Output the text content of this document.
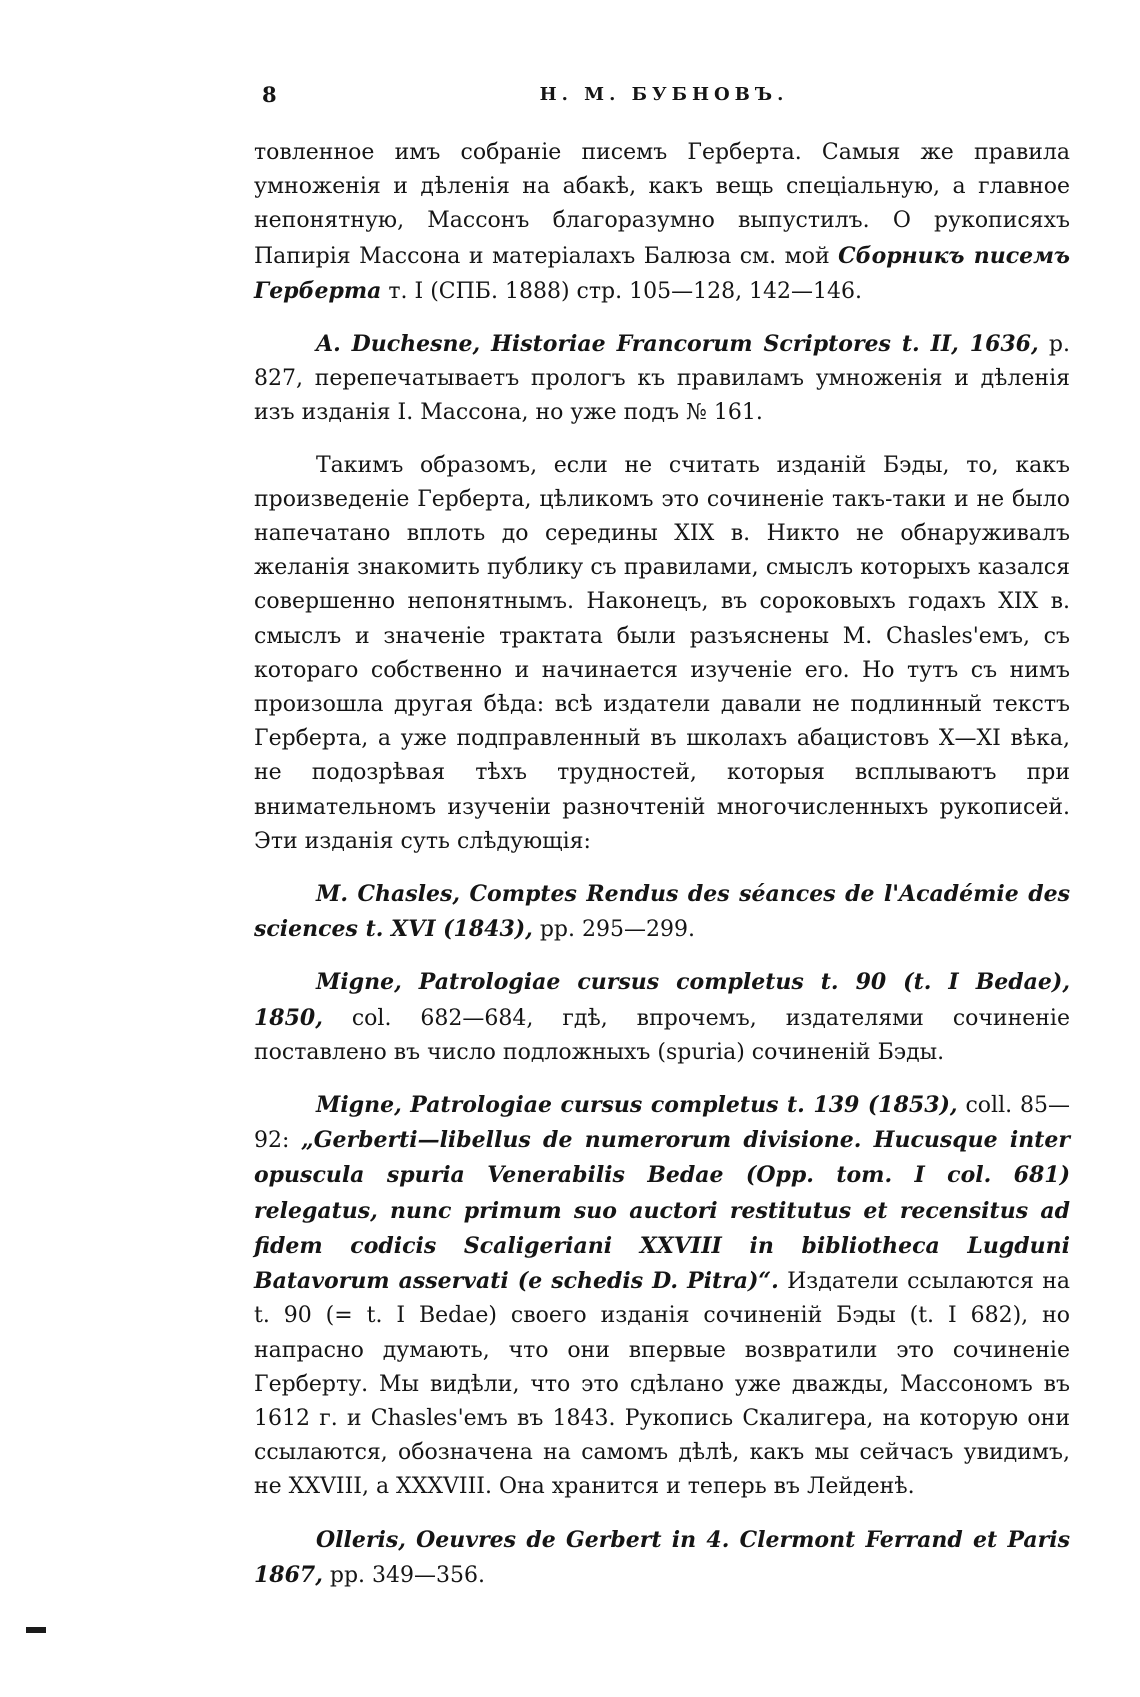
8	Н. М. БУБНОВЪ.

товленное имъ собраніе писемъ Герберта. Самыя же правила умноженія и дѣленія на абакѣ, какъ вещь спеціальную, а главное непонятную, Массонъ благоразумно выпустилъ. О рукописяхъ Папирія Массона и матеріалахъ Балюза см. мой Сборникъ писемъ Герберта т. I (СПБ. 1888) стр. 105—128, 142—146.

A. Duchesne, Historiae Francorum Scriptores t. II, 1636, р. 827, перепечатываетъ прологъ къ правиламъ умноженія и дѣленія изъ изданія I. Массона, но уже подъ № 161.

Такимъ образомъ, если не считать изданій Бэды, то, какъ произведеніе Герберта, цѣликомъ это сочиненіе такъ-таки и не было напечатано вплоть до середины XIX в. Никто не обнаруживалъ желанія знакомить публику съ правилами, смыслъ которыхъ казался совершенно непонятнымъ. Наконецъ, въ сороковыхъ годахъ XIX в. смыслъ и значеніе трактата были разъяснены M. Chasles'емъ, съ котораго собственно и начинается изученіе его. Но тутъ съ нимъ произошла другая бѣда: всѣ издатели давали не подлинный текстъ Герберта, а уже подправленный въ школахъ абацистовъ X—XI вѣка, не подозрѣвая тѣхъ трудностей, которыя всплываютъ при внимательномъ изученіи разночтеній многочисленныхъ рукописей. Эти изданія суть слѣдующія:

M. Chasles, Comptes Rendus des séances de l'Académie des sciences t. XVI (1843), pp. 295—299.

Migne, Patrologiae cursus completus t. 90 (t. I Bedae), 1850, col. 682—684, гдѣ, впрочемъ, издателями сочиненіе поставлено въ число подложныхъ (spuria) сочиненій Бэды.

Migne, Patrologiae cursus completus t. 139 (1853), coll. 85—92: „Gerberti—libellus de numerorum divisione. Hucusque inter opuscula spuria Venerabilis Bedae (Opp. tom. I col. 681) relegatus, nunc primum suo auctori restitutus et recensitus ad fidem codicis Scaligeriani XXVIII in bibliotheca Lugduni Batavorum asservati (e schedis D. Pitra)“. Издатели ссылаются на t. 90 (= t. I Bedae) своего изданія сочиненій Бэды (t. I 682), но напрасно думають, что они впервые возвратили это сочиненіе Герберту. Мы видѣли, что это сдѣлано уже дважды, Массономъ въ 1612 г. и Chasles'емъ въ 1843. Рукопись Скалигера, на которую они ссылаются, обозначена на самомъ дѣлѣ, какъ мы сейчасъ увидимъ, не XXVIII, а XXXVIII. Она хранится и теперь въ Лейденѣ.

Olleris, Oeuvres de Gerbert in 4. Clermont Ferrand et Paris 1867, pp. 349—356.
